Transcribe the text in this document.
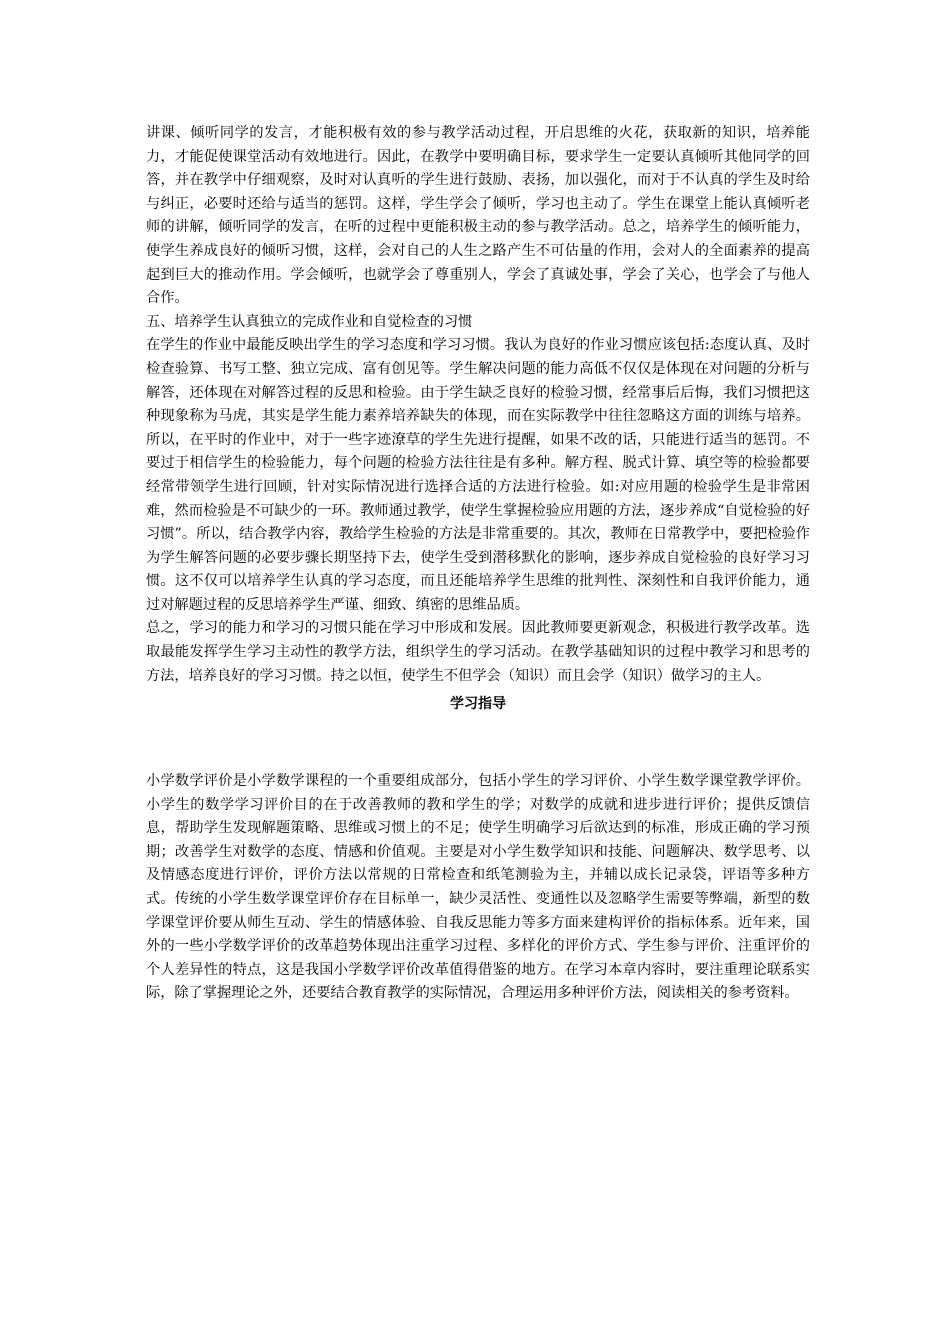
讲课、倾听同学的发言，才能积极有效的参与教学活动过程，开启思维的火花，获取新的知识，培养能力，才能促使课堂活动有效地进行。因此，在教学中要明确目标，要求学生一定要认真倾听其他同学的回答，并在教学中仔细观察，及时对认真听的学生进行鼓励、表扬，加以强化，而对于不认真的学生及时给与纠正，必要时还给与适当的惩罚。这样，学生学会了倾听，学习也主动了。学生在课堂上能认真倾听老师的讲解，倾听同学的发言，在听的过程中更能积极主动的参与教学活动。总之，培养学生的倾听能力，使学生养成良好的倾听习惯，这样，会对自己的人生之路产生不可估量的作用，会对人的全面素养的提高起到巨大的推动作用。学会倾听，也就学会了尊重别人，学会了真诚处事，学会了关心，也学会了与他人合作。

五、培养学生认真独立的完成作业和自觉检查的习惯

在学生的作业中最能反映出学生的学习态度和学习习惯。我认为良好的作业习惯应该包括:态度认真、及时检查验算、书写工整、独立完成、富有创见等。学生解决问题的能力高低不仅仅是体现在对问题的分析与解答，还体现在对解答过程的反思和检验。由于学生缺乏良好的检验习惯，经常事后后悔，我们习惯把这种现象称为马虎，其实是学生能力素养培养缺失的体现，而在实际教学中往往忽略这方面的训练与培养。所以，在平时的作业中，对于一些字迹潦草的学生先进行提醒，如果不改的话，只能进行适当的惩罚。不要过于相信学生的检验能力，每个问题的检验方法往往是有多种。解方程、脱式计算、填空等的检验都要经常带领学生进行回顾，针对实际情况进行选择合适的方法进行检验。如:对应用题的检验学生是非常困难，然而检验是不可缺少的一环。教师通过教学，使学生掌握检验应用题的方法，逐步养成“自觉检验的好习惯”。所以，结合教学内容，教给学生检验的方法是非常重要的。其次，教师在日常教学中，要把检验作为学生解答问题的必要步骤长期坚持下去，使学生受到潜移默化的影响，逐步养成自觉检验的良好学习习惯。这不仅可以培养学生认真的学习态度，而且还能培养学生思维的批判性、深刻性和自我评价能力，通过对解题过程的反思培养学生严谨、细致、缜密的思维品质。

总之，学习的能力和学习的习惯只能在学习中形成和发展。因此教师要更新观念，积极进行教学改革。选取最能发挥学生学习主动性的教学方法，组织学生的学习活动。在教学基础知识的过程中教学习和思考的方法，培养良好的学习习惯。持之以恒，使学生不但学会（知识）而且会学（知识）做学习的主人。

学习指导

小学数学评价是小学数学课程的一个重要组成部分，包括小学生的学习评价、小学生数学课堂教学评价。小学生的数学学习评价目的在于改善教师的教和学生的学；对数学的成就和进步进行评价；提供反馈信息，帮助学生发现解题策略、思维或习惯上的不足；使学生明确学习后欲达到的标准，形成正确的学习预期；改善学生对数学的态度、情感和价值观。主要是对小学生数学知识和技能、问题解决、数学思考、以及情感态度进行评价，评价方法以常规的日常检查和纸笔测验为主，并辅以成长记录袋，评语等多种方式。传统的小学生数学课堂评价存在目标单一，缺少灵活性、变通性以及忽略学生需要等弊端，新型的数学课堂评价要从师生互动、学生的情感体验、自我反思能力等多方面来建构评价的指标体系。近年来，国外的一些小学数学评价的改革趋势体现出注重学习过程、多样化的评价方式、学生参与评价、注重评价的个人差异性的特点，这是我国小学数学评价改革值得借鉴的地方。在学习本章内容时，要注重理论联系实际，除了掌握理论之外，还要结合教育教学的实际情况，合理运用多种评价方法，阅读相关的参考资料。
